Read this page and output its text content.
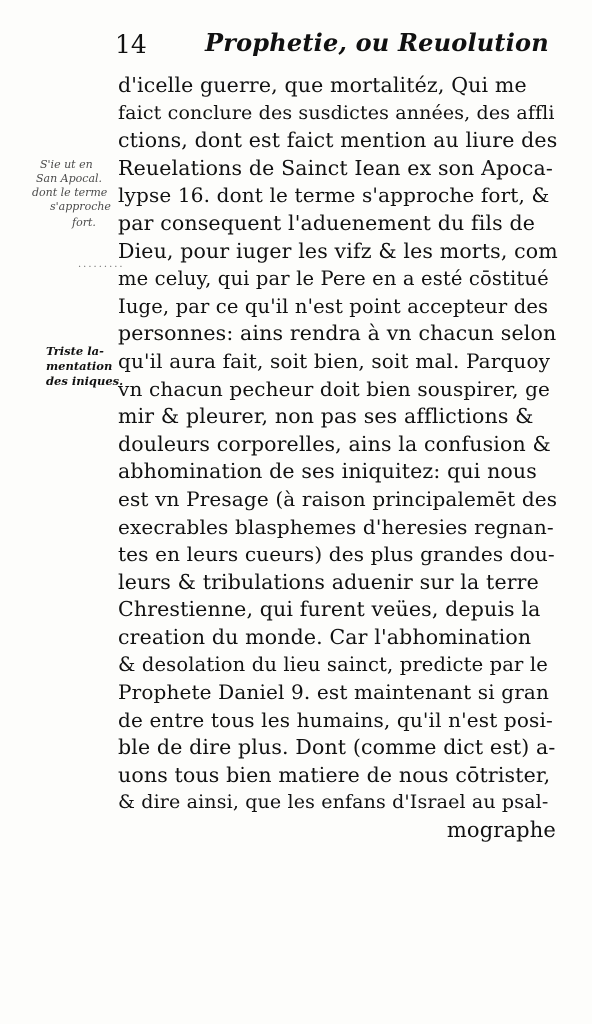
14 Prophetie, ou Reuolution
S'ie ut en
San Apocal.
dont le terme
s'approche
fort.
·········
Triste la-
mentation
des iniques.
d'icelle guerre, que mortalitéz, Qui me
faict conclure des susdictes années, des affli
ctions, dont est faict mention au liure des
Reuelations de Sainct Iean ex son Apoca-
lypse 16. dont le terme s'approche fort, &
par consequent l'aduenement du fils de
Dieu, pour iuger les vifz & les morts, com
me celuy, qui par le Pere en a esté cōstitué
Iuge, par ce qu'il n'est point accepteur des
personnes: ains rendra à vn chacun selon
qu'il aura fait, soit bien, soit mal. Parquoy
vn chacun pecheur doit bien souspirer, ge
mir & pleurer, non pas ses afflictions &
douleurs corporelles, ains la confusion &
abhomination de ses iniquitez: qui nous
est vn Presage (à raison principalemēt des
execrables blasphemes d'heresies regnan-
tes en leurs cueurs) des plus grandes dou-
leurs & tribulations aduenir sur la terre
Chrestienne, qui furent veües, depuis la
creation du monde. Car l'abhomination
& desolation du lieu sainct, predicte par le
Prophete Daniel 9. est maintenant si gran
de entre tous les humains, qu'il n'est posi-
ble de dire plus. Dont (comme dict est) a-
uons tous bien matiere de nous cōtrister,
& dire ainsi, que les enfans d'Israel au psal-
mographe
